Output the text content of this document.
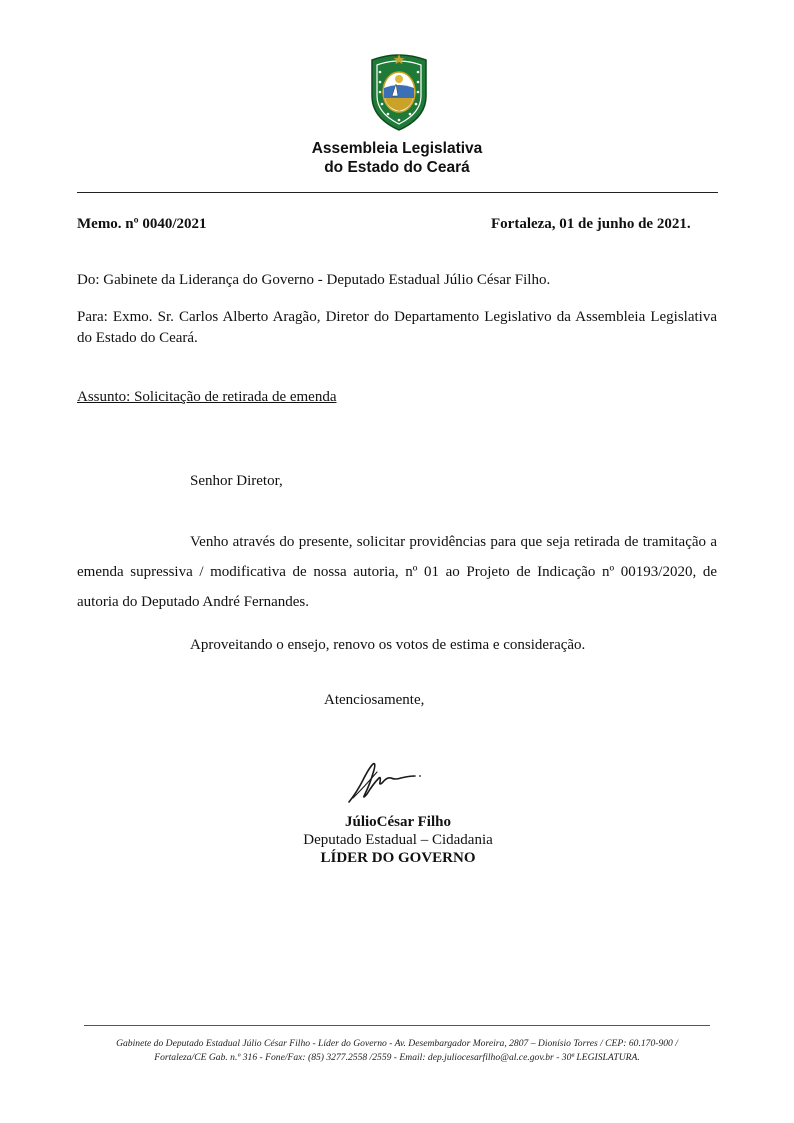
Assembleia Legislativa
do Estado do Ceará
Memo. nº 0040/2021	Fortaleza, 01 de junho de 2021.
Do: Gabinete da Liderança do Governo - Deputado Estadual Júlio César Filho.
Para: Exmo. Sr. Carlos Alberto Aragão, Diretor do Departamento Legislativo da Assembleia Legislativa do Estado do Ceará.
Assunto: Solicitação de retirada de emenda
Senhor Diretor,
Venho através do presente, solicitar providências para que seja retirada de tramitação a emenda supressiva / modificativa de nossa autoria, nº 01 ao Projeto de Indicação nº 00193/2020, de autoria do Deputado André Fernandes.
Aproveitando o ensejo, renovo os votos de estima e consideração.
Atenciosamente,
JúlioCésar Filho
Deputado Estadual – Cidadania
LÍDER DO GOVERNO
Gabinete do Deputado Estadual Júlio César Filho - Líder do Governo - Av. Desembargador Moreira, 2807 – Dionísio Torres / CEP: 60.170-900 /
Fortaleza/CE Gab. n.º 316 - Fone/Fax: (85) 3277.2558 /2559 - Email: dep.juliocesarfilho@al.ce.gov.br - 30ª LEGISLATURA.
